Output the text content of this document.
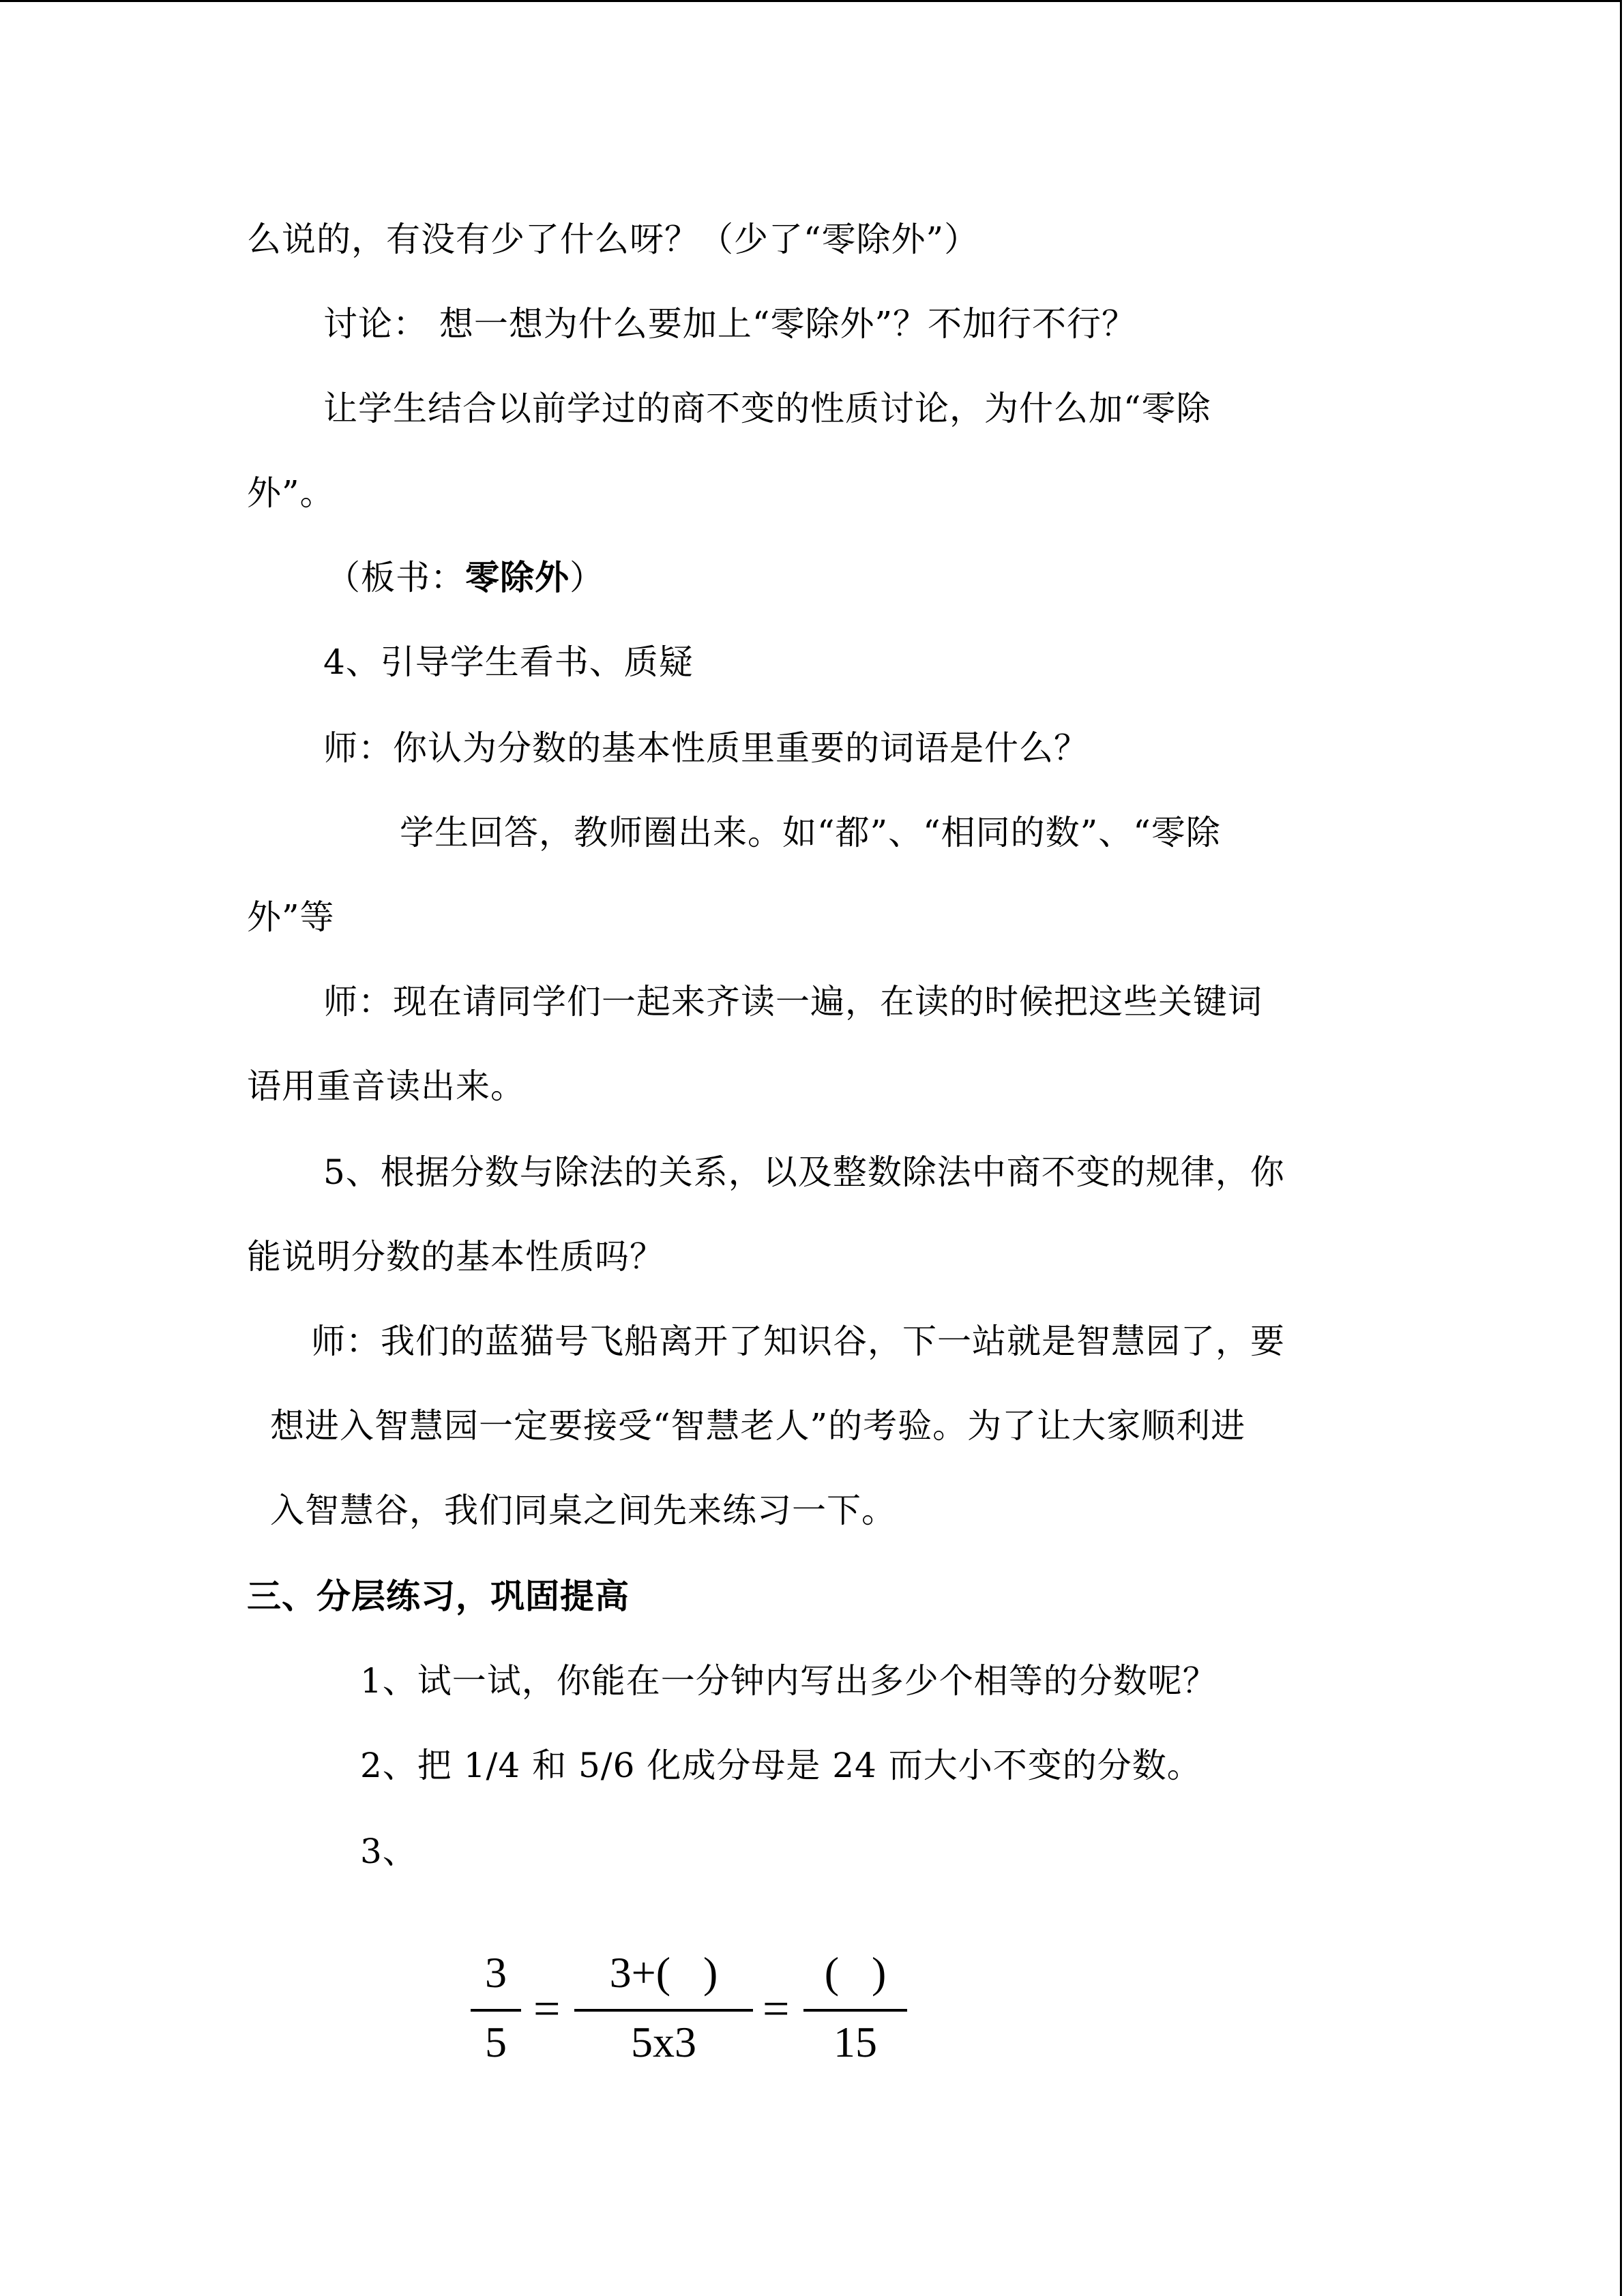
么说的，有没有少了什么呀？（少了“零除外”）
讨论： 想一想为什么要加上“零除外”？不加行不行？
让学生结合以前学过的商不变的性质讨论，为什么加“零除
外”。
（板书：零除外）
4、引导学生看书、质疑
师：你认为分数的基本性质里重要的词语是什么？
学生回答，教师圈出来。如“都”、“相同的数”、“零除
外”等
师：现在请同学们一起来齐读一遍，在读的时候把这些关键词
语用重音读出来。
5、根据分数与除法的关系，以及整数除法中商不变的规律，你
能说明分数的基本性质吗？
师：我们的蓝猫号飞船离开了知识谷，下一站就是智慧园了，要
想进入智慧园一定要接受“智慧老人”的考验。为了让大家顺利进
入智慧谷，我们同桌之间先来练习一下。
三、分层练习，巩固提高
1、试一试，你能在一分钟内写出多少个相等的分数呢？
2、把 1/4 和 5/6 化成分母是 24 而大小不变的分数。
3、
3
5
=
3+(   )
5x3
=
(   )
15
